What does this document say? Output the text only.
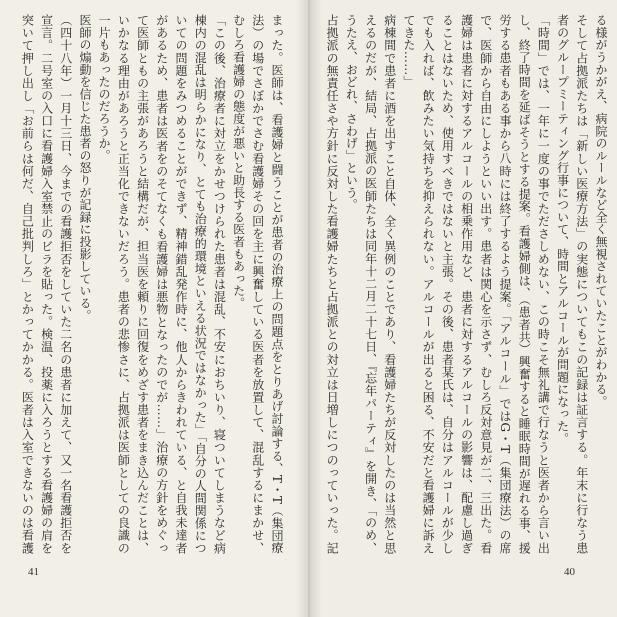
まった。医師は、看護婦と闘うことが患者の治療上の問題点をとりあげ討論する、T・T（集団療法）の場でさぼかでさむ看護婦その回を主に興奮している医者を放置して、混乱するにまかせ、むしろ看護婦の態度が悪いと助長する医者もあった。

「この後、治療者に対立をかせつけられた患者は混乱、不安におちいり、寝ついてしまうなど病棟内の混乱は明らかになり、とても治療的環境といえる状況ではなかった」「自分の人間関係についての問題をみつめることができず、精神錯乱発作時に、他人からきわれている、と自我未達者があるため、患者は医者をのそてなくも看護婦は悪物となったのでが……」治療の方針をめぐって医師ともの主張があろうと結構だが、担当医を頼りに回復をめざす患者をまき込んだことは、いかなる理由があろうと正当化できないだろう。患者の悲惨さに、占拠派は医師としての良識の一片もあったのだろうか。

医師の煽動を信じた患者の怒りが記録に投影している。

（四十八年）一月十三日、今までの看護拒否をしていた二名の患者に加えて、又一名看護拒否を宣言。二号室の入口に看護婦入室禁止のビラを貼った。検温、投薬に入ろうとする看護婦の肩を突いて押し出し「お前らは何だ、自己批判しろ」とかってかかる。医者は入室できないのは看護

41

る様がうかがえ、病院のルールなど全く無視されていたことがわかる。

そして占拠派たちは「新しい医療方法」の実態についてもこの記録は証言する。年末に行なう患者のグループミーティング行事について、時間とアルコールが問題になった。

「時間」では、一年に一度の事でたださしめない、この時こそ無礼講で行なうと医者から言い出し、終了時間を延ばそうとする提案。看護婦側は、（患者共）興奮すると睡眠時間が遅れる事、援労する患者もある事から八時には終了するよう提案。「アルコール」ではG・T（集団療法）の席で、医師から自由にしようといい出す。患者は関心を示さず、むしろ反対意見が二、三出た。看護婦は患者に対するアルコールの相乗作用など、患者に対するアルコールの影響は、配慮し過ぎることはないため、使用すべきではないと主張。その後、患者某氏は、自分はアルコールが少しでも入れば、飲みたい気持ちを抑えられない。アルコールが出ると困る、不安だと看護婦に訴えてきた……」

病棟間で患者に酒を出すこと自体、全く異例のことであり、看護婦たちが反対したのは当然と思えるのだが、結局、占拠派の医師たちは同年十二月二十七日、『忘年パーティ』を開き、「のめ、うたえ、おどれ、さわげ」という。

占拠派の無責任さや方針に反対した看護婦たちと占拠派との対立は日増しにつのっていった。記

40
